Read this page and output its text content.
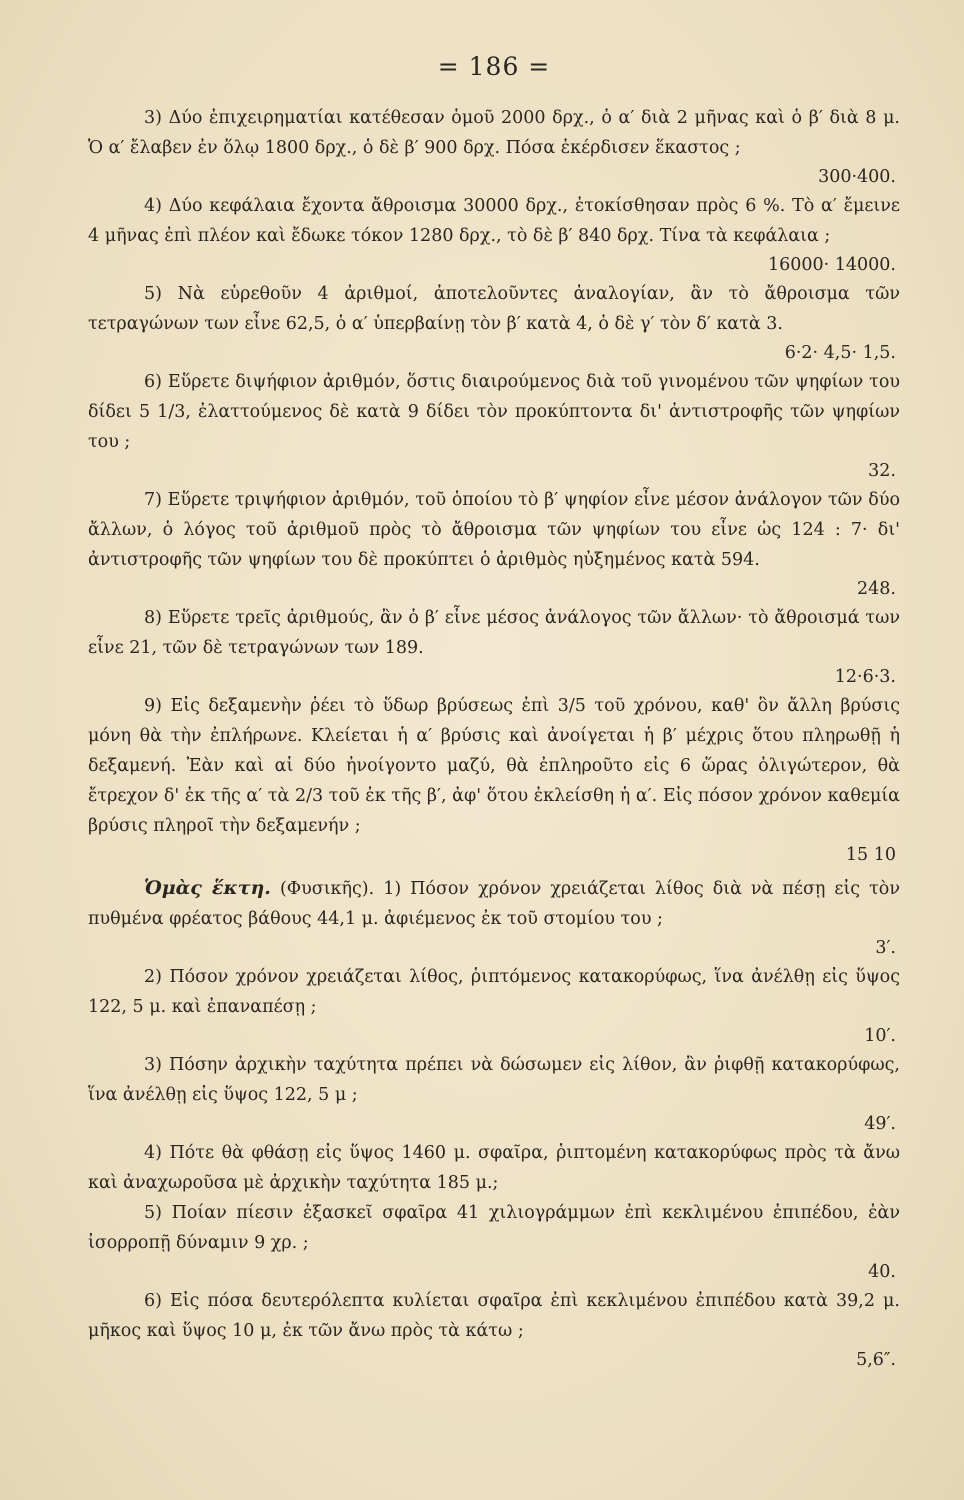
= 186 =

3) Δύο ἐπιχειρηματίαι κατέθεσαν ὁμοῦ 2000 δρχ., ὁ α′ διὰ 2 μῆνας καὶ ὁ β′ διὰ 8 μ. Ὁ α′ ἔλαβεν ἐν ὅλῳ 1800 δρχ., ὁ δὲ β′ 900 δρχ. Πόσα ἐκέρδισεν ἕκαστος ;

300·400.

4) Δύο κεφάλαια ἔχοντα ἄθροισμα 30000 δρχ., ἐτοκίσθησαν πρὸς 6 %. Τὸ α′ ἔμεινε 4 μῆνας ἐπὶ πλέον καὶ ἔδωκε τόκον 1280 δρχ., τὸ δὲ β′ 840 δρχ. Τίνα τὰ κεφάλαια ;

16000· 14000.

5) Νὰ εὑρεθοῦν 4 ἀριθμοί, ἀποτελοῦντες ἀναλογίαν, ἂν τὸ ἄθροισμα τῶν τετραγώνων των εἶνε 62,5, ὁ α′ ὑπερβαίνῃ τὸν β′ κατὰ 4, ὁ δὲ γ′ τὸν δ′ κατὰ 3.

6·2· 4,5· 1,5.

6) Εὕρετε διψήφιον ἀριθμόν, ὅστις διαιρούμενος διὰ τοῦ γινομένου τῶν ψηφίων του δίδει 5 1/3, ἐλαττούμενος δὲ κατὰ 9 δίδει τὸν προκύπτοντα δι' ἀντιστροφῆς τῶν ψηφίων του ;

32.

7) Εὕρετε τριψήφιον ἀριθμόν, τοῦ ὁποίου τὸ β′ ψηφίον εἶνε μέσον ἀνάλογον τῶν δύο ἄλλων, ὁ λόγος τοῦ ἀριθμοῦ πρὸς τὸ ἄθροισμα τῶν ψηφίων του εἶνε ὡς 124 : 7· δι' ἀντιστροφῆς τῶν ψηφίων του δὲ προκύπτει ὁ ἀριθμὸς ηὐξημένος κατὰ 594.

248.

8) Εὕρετε τρεῖς ἀριθμούς, ἂν ὁ β′ εἶνε μέσος ἀνάλογος τῶν ἄλλων· τὸ ἄθροισμά των εἶνε 21, τῶν δὲ τετραγώνων των 189.

12·6·3.

9) Εἰς δεξαμενὴν ῥέει τὸ ὕδωρ βρύσεως ἐπὶ 3/5 τοῦ χρόνου, καθ' ὃν ἄλλη βρύσις μόνη θὰ τὴν ἐπλήρωνε. Κλείεται ἡ α′ βρύσις καὶ ἀνοίγεται ἡ β′ μέχρις ὅτου πληρωθῇ ἡ δεξαμενή. Ἐὰν καὶ αἱ δύο ἠνοίγοντο μαζύ, θὰ ἐπληροῦτο εἰς 6 ὥρας ὀλιγώτερον, θὰ ἔτρεχον δ' ἐκ τῆς α′ τὰ 2/3 τοῦ ἐκ τῆς β′, ἀφ' ὅτου ἐκλείσθη ἡ α′. Εἰς πόσον χρόνον καθεμία βρύσις πληροῖ τὴν δεξαμενήν ;

15 10

Ὁμὰς ἕκτη. (Φυσικῆς). 1) Πόσον χρόνον χρειάζεται λίθος διὰ νὰ πέσῃ εἰς τὸν πυθμένα φρέατος βάθους 44,1 μ. ἀφιέμενος ἐκ τοῦ στομίου του ;

3′.

2) Πόσον χρόνον χρειάζεται λίθος, ῥιπτόμενος κατακορύφως, ἵνα ἀνέλθῃ εἰς ὕψος 122, 5 μ. καὶ ἐπαναπέσῃ ;

10′.

3) Πόσην ἀρχικὴν ταχύτητα πρέπει νὰ δώσωμεν εἰς λίθον, ἂν ῥιφθῇ κατακορύφως, ἵνα ἀνέλθῃ εἰς ὕψος 122, 5 μ ;

49′.

4) Πότε θὰ φθάσῃ εἰς ὕψος 1460 μ. σφαῖρα, ῥιπτομένη κατακορύφως πρὸς τὰ ἄνω καὶ ἀναχωροῦσα μὲ ἀρχικὴν ταχύτητα 185 μ.;

5) Ποίαν πίεσιν ἐξασκεῖ σφαῖρα 41 χιλιογράμμων ἐπὶ κεκλιμένου ἐπιπέδου, ἐὰν ἰσορροπῇ δύναμιν 9 χρ. ;

40.

6) Εἰς πόσα δευτερόλεπτα κυλίεται σφαῖρα ἐπὶ κεκλιμένου ἐπιπέδου κατὰ 39,2 μ. μῆκος καὶ ὕψος 10 μ, ἐκ τῶν ἄνω πρὸς τὰ κάτω ;

5,6″.
